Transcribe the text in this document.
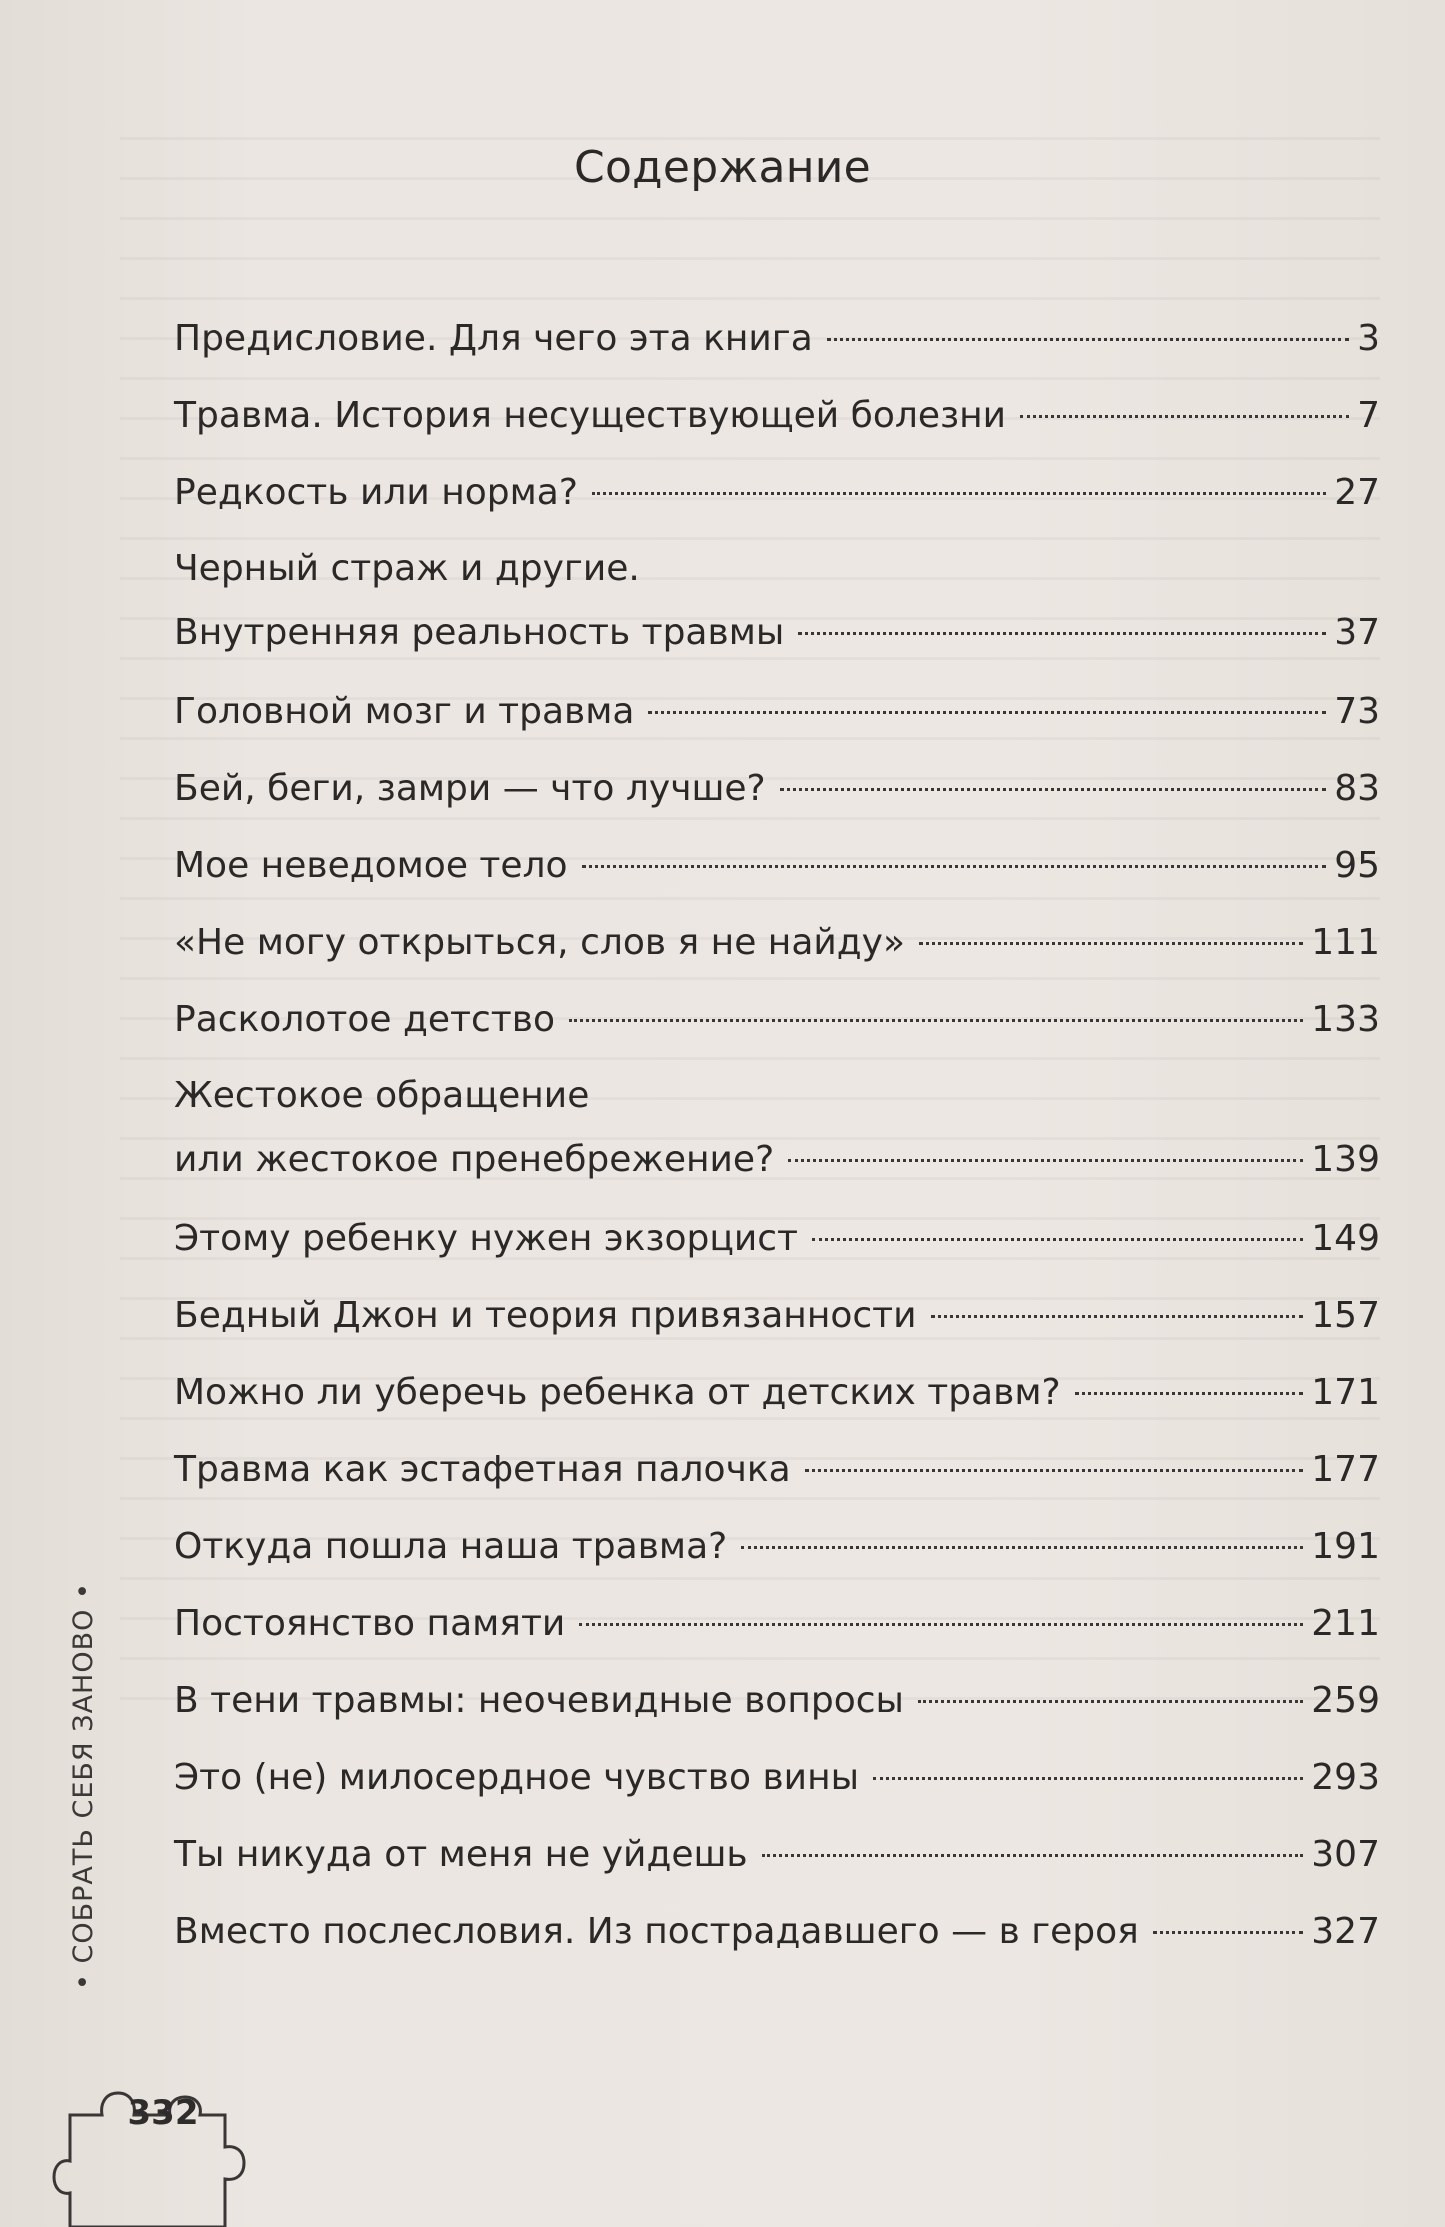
Содержание
Предисловие. Для чего эта книга	3
Травма. История несуществующей болезни	7
Редкость или норма?	27
Черный страж и другие.
Внутренняя реальность травмы	37
Головной мозг и травма	73
Бей, беги, замри — что лучше?	83
Мое неведомое тело	95
«Не могу открыться, слов я не найду»	111
Расколотое детство	133
Жестокое обращение
или жестокое пренебрежение?	139
Этому ребенку нужен экзорцист	149
Бедный Джон и теория привязанности	157
Можно ли уберечь ребенка от детских травм?	171
Травма как эстафетная палочка	177
Откуда пошла наша травма?	191
Постоянство памяти	211
В тени травмы: неочевидные вопросы	259
Это (не) милосердное чувство вины	293
Ты никуда от меня не уйдешь	307
Вместо послесловия. Из пострадавшего — в героя	327
• СОБРАТЬ СЕБЯ ЗАНОВО •
332
